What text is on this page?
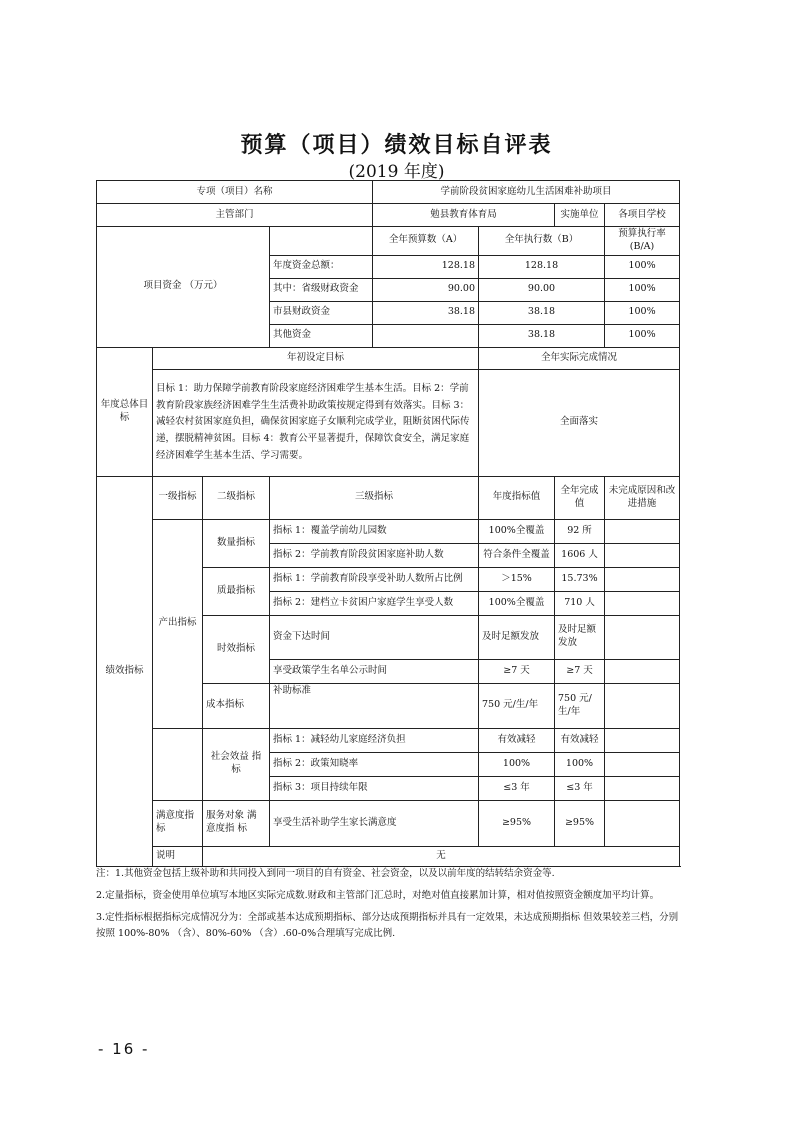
预算（项目）绩效目标自评表
(2019 年度)
专项（项目）名称				学前阶段贫困家庭幼儿生活困难补助项目			
主管部门				勉县教育体育局		实施单位	各项目学校
项目资金 （万元）				全年预算数（A）	全年执行数（B）		预算执行率(B/A)
			年度资金总额：	128.18	128.18		100%
			其中：省级财政资金	90.00	90.00		100%
			市县财政资金	38.18	38.18		100%
			其他资金		38.18		100%
年度总体目标	年初设定目标				全年实际完成情况		
	目标 1：助力保障学前教育阶段家庭经济困难学生基本生活。目标 2：学前教育阶段家族经济困难学生生活费补助政策按规定得到有效落实。目标 3：减轻农村贫困家庭负担，确保贫困家庭子女顺利完成学业，阻断贫困代际传递，摆脱精神贫困。目标 4：教育公平显著提升，保障饮食安全，满足家庭经济困难学生基本生活、学习需要。				全面落实		
绩效指标	一级指标	二级指标	三级指标		年度指标值	全年完成值	未完成原因和改进措施
	产出指标	数量指标	指标 1：覆盖学前幼儿园数		100%全覆盖	92 所	
			指标 2：学前教育阶段贫困家庭补助人数		符合条件全覆盖	1606 人	
		质最指标	指标 1：学前教育阶段享受补助人数所占比例		＞15%	15.73%	
			指标 2：建档立卡贫困户家庭学生享受人数		100%全覆盖	710 人	
		时效指标	资金下达时间		及时足额发放	及时足额发放	
			享受政策学生名单公示时间		≥7 天	≥7 天	
		成本指标	补助标准		750 元/生/年	750 元/生/年	
		社会效益 指标	指标 1：减轻幼儿家庭经济负担		有效减轻	有效减轻	
			指标 2：政策知晓率		100%	100%	
			指标 3：项目持续年限		≤3 年	≤3 年	
	满意度指标	服务对象 满意度指 标	享受生活补助学生家长满意度		≥95%	≥95%	
	说明	无					

注：1.其他资金包括上级补助和共同投入到同一项目的自有资金、社会资金，以及以前年度的结转结余资金等.

2.定量指标，资金使用单位填写本地区实际完成数.财政和主管部门汇总时，对绝对值直接累加计算，相对值按照资金额度加平均计算。

3.定性指标根据指标完成情况分为：全部或基本达成预期指标、部分达成预期指标并具有一定效果，未达成预期指标 但效果较差三档，分别按照 100%-80% （含）、80%-60% （含）.60-0%合理填写完成比例.

- 16 -
